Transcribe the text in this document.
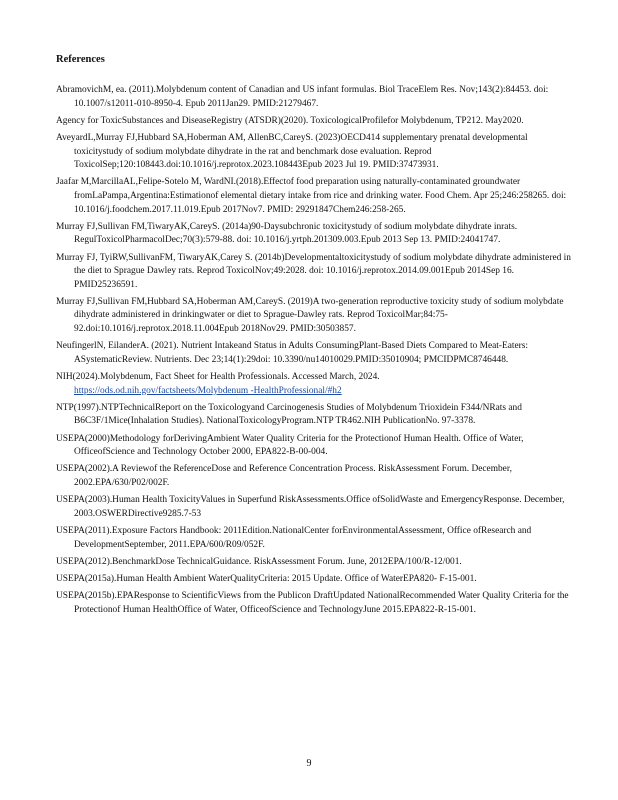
References

AbramovichM, ea. (2011).Molybdenum content of Canadian and US infant formulas. Biol TraceElem Res. Nov;143(2):84453. doi: 10.1007/s12011-010-8950-4. Epub 2011Jan29. PMID:21279467.

Agency for ToxicSubstances and DiseaseRegistry (ATSDR)(2020). ToxicologicalProfilefor Molybdenum, TP212. May2020.

AveyardL,Murray FJ,Hubbard SA,Hoberman AM, AllenBC,CareyS. (2023)OECD414 supplementary prenatal developmental toxicitystudy of sodium molybdate dihydrate in the rat and benchmark dose evaluation. Reprod ToxicolSep;120:108443.doi:10.1016/j.reprotox.2023.108443Epub 2023 Jul 19. PMID:37473931.

Jaafar M,MarcillaAL,Felipe-Sotelo M, WardNI.(2018).Effectof food preparation using naturally-contaminated groundwater fromLaPampa,Argentina:Estimationof elemental dietary intake from rice and drinking water. Food Chem. Apr 25;246:258265. doi: 10.1016/j.foodchem.2017.11.019.Epub 2017Nov7. PMID: 29291847Chem246:258-265.

Murray FJ,Sullivan FM,TiwaryAK,CareyS. (2014a)90-Daysubchronic toxicitystudy of sodium molybdate dihydrate inrats. RegulToxicolPharmacolDec;70(3):579-88. doi: 10.1016/j.yrtph.201309.003.Epub 2013 Sep 13. PMID:24041747.

Murray FJ, TyiRW,SullivanFM, TiwaryAK,Carey S. (2014b)Developmentaltoxicitystudy of sodium molybdate dihydrate administered in the diet to Sprague Dawley rats. Reprod ToxicolNov;49:2028. doi: 10.1016/j.reprotox.2014.09.001Epub 2014Sep 16. PMID25236591.

Murray FJ,Sullivan FM,Hubbard SA,Hoberman AM,CareyS. (2019)A two-generation reproductive toxicity study of sodium molybdate dihydrate administered in drinkingwater or diet to Sprague-Dawley rats. Reprod ToxicolMar;84:75-92.doi:10.1016/j.reprotox.2018.11.004Epub 2018Nov29. PMID:30503857.

NeufingerlN, EilanderA. (2021). Nutrient Intakeand Status in Adults ConsumingPlant-Based Diets Compared to Meat-Eaters: ASystematicReview. Nutrients. Dec 23;14(1):29doi: 10.3390/nu14010029.PMID:35010904; PMCIDPMC8746448.

NIH(2024).Molybdenum, Fact Sheet for Health Professionals. Accessed March, 2024.
https://ods.od.nih.gov/factsheets/Molybdenum -HealthProfessional/#h2

NTP(1997).NTPTechnicalReport on the Toxicologyand Carcinogenesis Studies of Molybdenum Trioxidein F344/NRats and B6C3F/1Mice(Inhalation Studies). NationalToxicologyProgram.NTP TR462.NIH PublicationNo. 97-3378.

USEPA(2000)Methodology forDerivingAmbient Water Quality Criteria for the Protectionof Human Health. Office of Water, OfficeofScience and Technology October 2000, EPA822-B-00-004.

USEPA(2002).A Reviewof the ReferenceDose and Reference Concentration Process. RiskAssessment Forum. December, 2002.EPA/630/P02/002F.

USEPA(2003).Human Health ToxicityValues in Superfund RiskAssessments.Office ofSolidWaste and EmergencyResponse. December, 2003.OSWERDirective9285.7-53

USEPA(2011).Exposure Factors Handbook: 2011Edition.NationalCenter forEnvironmentalAssessment, Office ofResearch and DevelopmentSeptember, 2011.EPA/600/R09/052F.

USEPA(2012).BenchmarkDose TechnicalGuidance. RiskAssessment Forum. June, 2012EPA/100/R-12/001.

USEPA(2015a).Human Health Ambient WaterQualityCriteria: 2015 Update. Office of WaterEPA820- F-15-001.

USEPA(2015b).EPAResponse to ScientificViews from the Publicon DraftUpdated NationalRecommended Water Quality Criteria for the Protectionof Human HealthOffice of Water, OfficeofScience and TechnologyJune 2015.EPA822-R-15-001.

9
